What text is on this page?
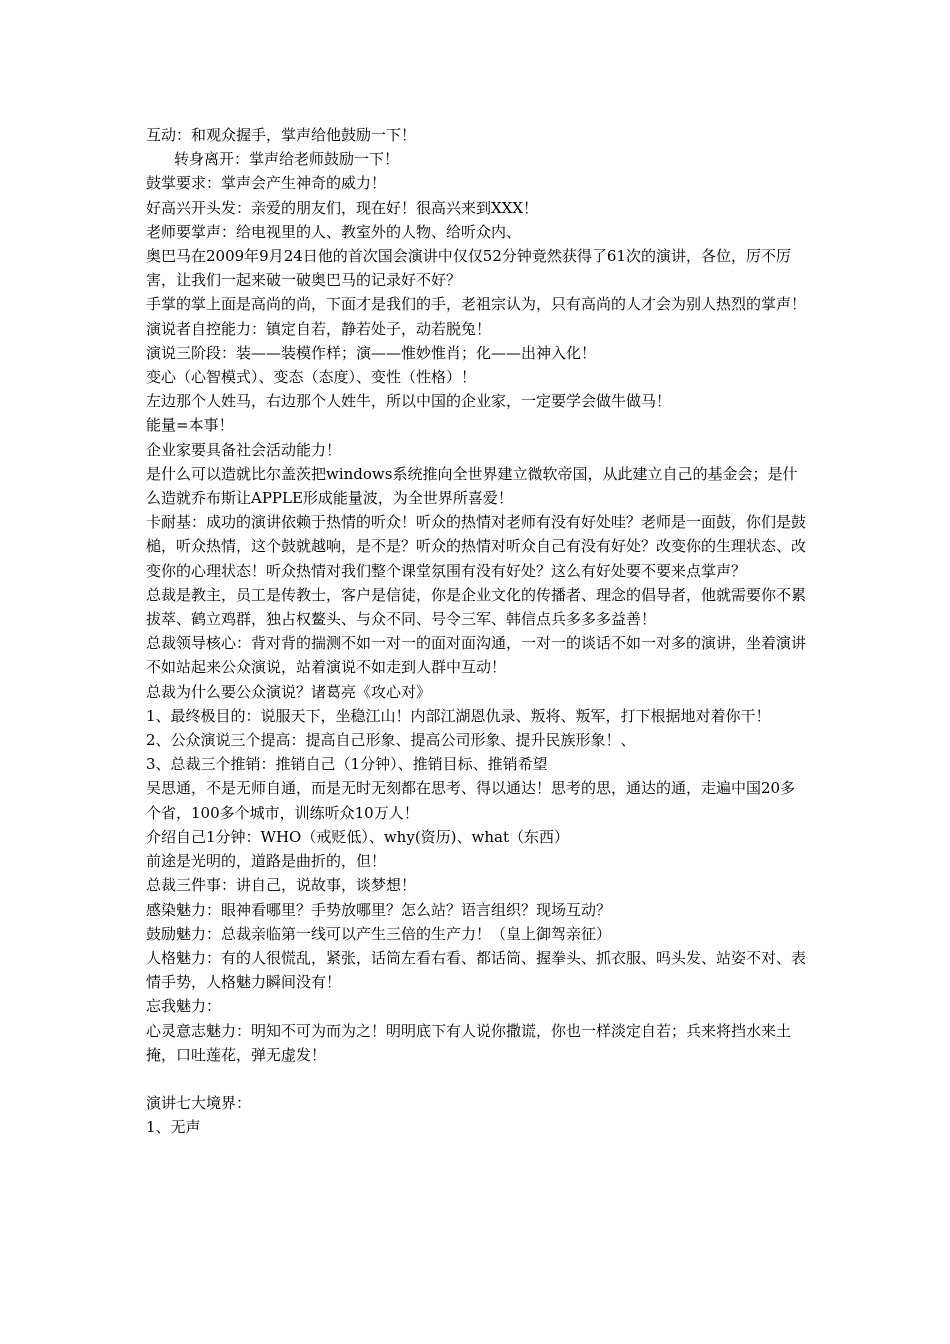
互动：和观众握手，掌声给他鼓励一下！

转身离开：掌声给老师鼓励一下！

鼓掌要求：掌声会产生神奇的威力！

好高兴开头发：亲爱的朋友们，现在好！很高兴来到XXX！

老师要掌声：给电视里的人、教室外的人物、给听众内、

奥巴马在2009年9月24日他的首次国会演讲中仅仅52分钟竟然获得了61次的演讲，各位，厉不厉害，让我们一起来破一破奥巴马的记录好不好？

手掌的掌上面是高尚的尚，下面才是我们的手，老祖宗认为，只有高尚的人才会为别人热烈的掌声！

演说者自控能力：镇定自若，静若处子，动若脱兔！

演说三阶段：装——装模作样；演——惟妙惟肖；化——出神入化！

变心（心智模式）、变态（态度）、变性（性格）！

左边那个人姓马，右边那个人姓牛，所以中国的企业家，一定要学会做牛做马！

能量=本事！

企业家要具备社会活动能力！

是什么可以造就比尔盖茨把windows系统推向全世界建立微软帝国，从此建立自己的基金会；是什么造就乔布斯让APPLE形成能量波，为全世界所喜爱！

卡耐基：成功的演讲依赖于热情的听众！听众的热情对老师有没有好处哇？老师是一面鼓，你们是鼓槌，听众热情，这个鼓就越响，是不是？听众的热情对听众自己有没有好处？改变你的生理状态、改变你的心理状态！听众热情对我们整个课堂氛围有没有好处？这么有好处要不要来点掌声？

总裁是教主，员工是传教士，客户是信徒，你是企业文化的传播者、理念的倡导者，他就需要你不累拔萃、鹤立鸡群，独占权鳌头、与众不同、号令三军、韩信点兵多多多益善！

总裁领导核心：背对背的揣测不如一对一的面对面沟通，一对一的谈话不如一对多的演讲，坐着演讲不如站起来公众演说，站着演说不如走到人群中互动！

总裁为什么要公众演说？诸葛亮《攻心对》

1、最终极目的：说服天下，坐稳江山！内部江湖恩仇录、叛将、叛军，打下根据地对着你干！

2、公众演说三个提高：提高自己形象、提高公司形象、提升民族形象！、

3、总裁三个推销：推销自己（1分钟）、推销目标、推销希望

吴思通，不是无师自通，而是无时无刻都在思考、得以通达！思考的思，通达的通，走遍中国20多个省，100多个城市，训练听众10万人！

介绍自己1分钟：WHO（戒贬低）、why(资历)、what（东西）

前途是光明的，道路是曲折的，但！

总裁三件事：讲自己，说故事，谈梦想！

感染魅力：眼神看哪里？手势放哪里？怎么站？语言组织？现场互动？

鼓励魅力：总裁亲临第一线可以产生三倍的生产力！（皇上御驾亲征）

人格魅力：有的人很慌乱，紧张，话筒左看右看、都话筒、握拳头、抓衣服、吗头发、站姿不对、表情手势，人格魅力瞬间没有！

忘我魅力：

心灵意志魅力：明知不可为而为之！明明底下有人说你撒谎，你也一样淡定自若；兵来将挡水来土掩，口吐莲花，弹无虚发！

演讲七大境界：

1、无声
